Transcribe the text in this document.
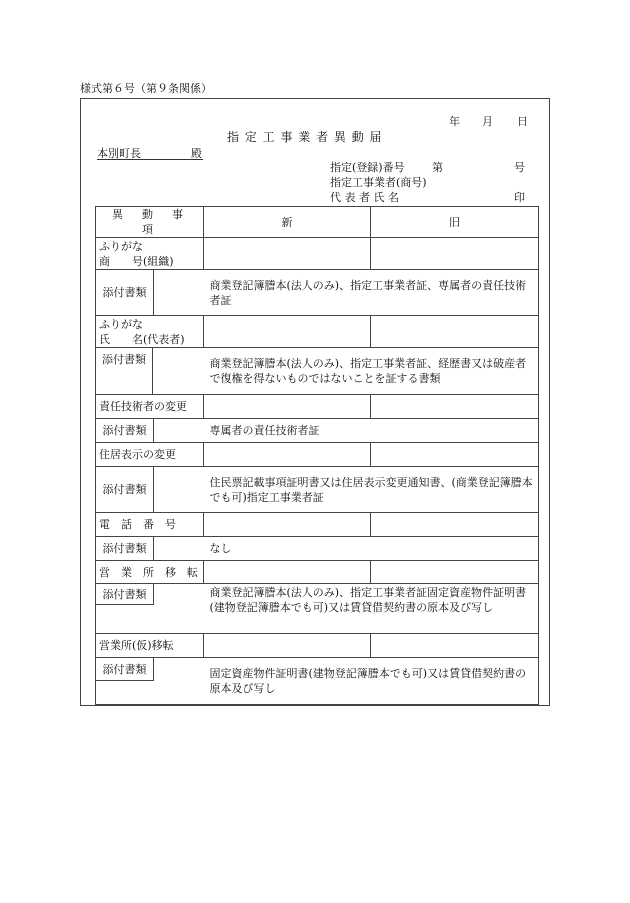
様式第６号（第９条関係）
年 月 日
指 定 工 事 業 者 異 動 届
本別町長	殿
指定(登録)番号 第	号
指定工事業者(商号)
代 表 者 氏 名	印
異　動　事　項	新	旧

ふりがな
商　　号(組織)		

添付書類	商業登記簿謄本(法人のみ)、指定工事業者証、専属者の責任技術者証	

ふりがな
氏　　名(代表者)		

添付書類	商業登記簿謄本(法人のみ)、指定工事業者証、経歴書又は破産者で復権を得ないものではないことを証する書類	
責任技術者の変更		

添付書類	専属者の責任技術者証	
住居表示の変更		

添付書類	住民票記載事項証明書又は住居表示変更通知書、(商業登記簿謄本でも可)指定工事業者証	
電　話　番　号		

添付書類	なし	
営　業　所　移　転		

添付書類	商業登記簿謄本(法人のみ)、指定工事業者証固定資産物件証明書(建物登記簿謄本でも可)又は賃貸借契約書の原本及び写し	
営業所(仮)移転		

添付書類	固定資産物件証明書(建物登記簿謄本でも可)又は賃貸借契約書の原本及び写し	
